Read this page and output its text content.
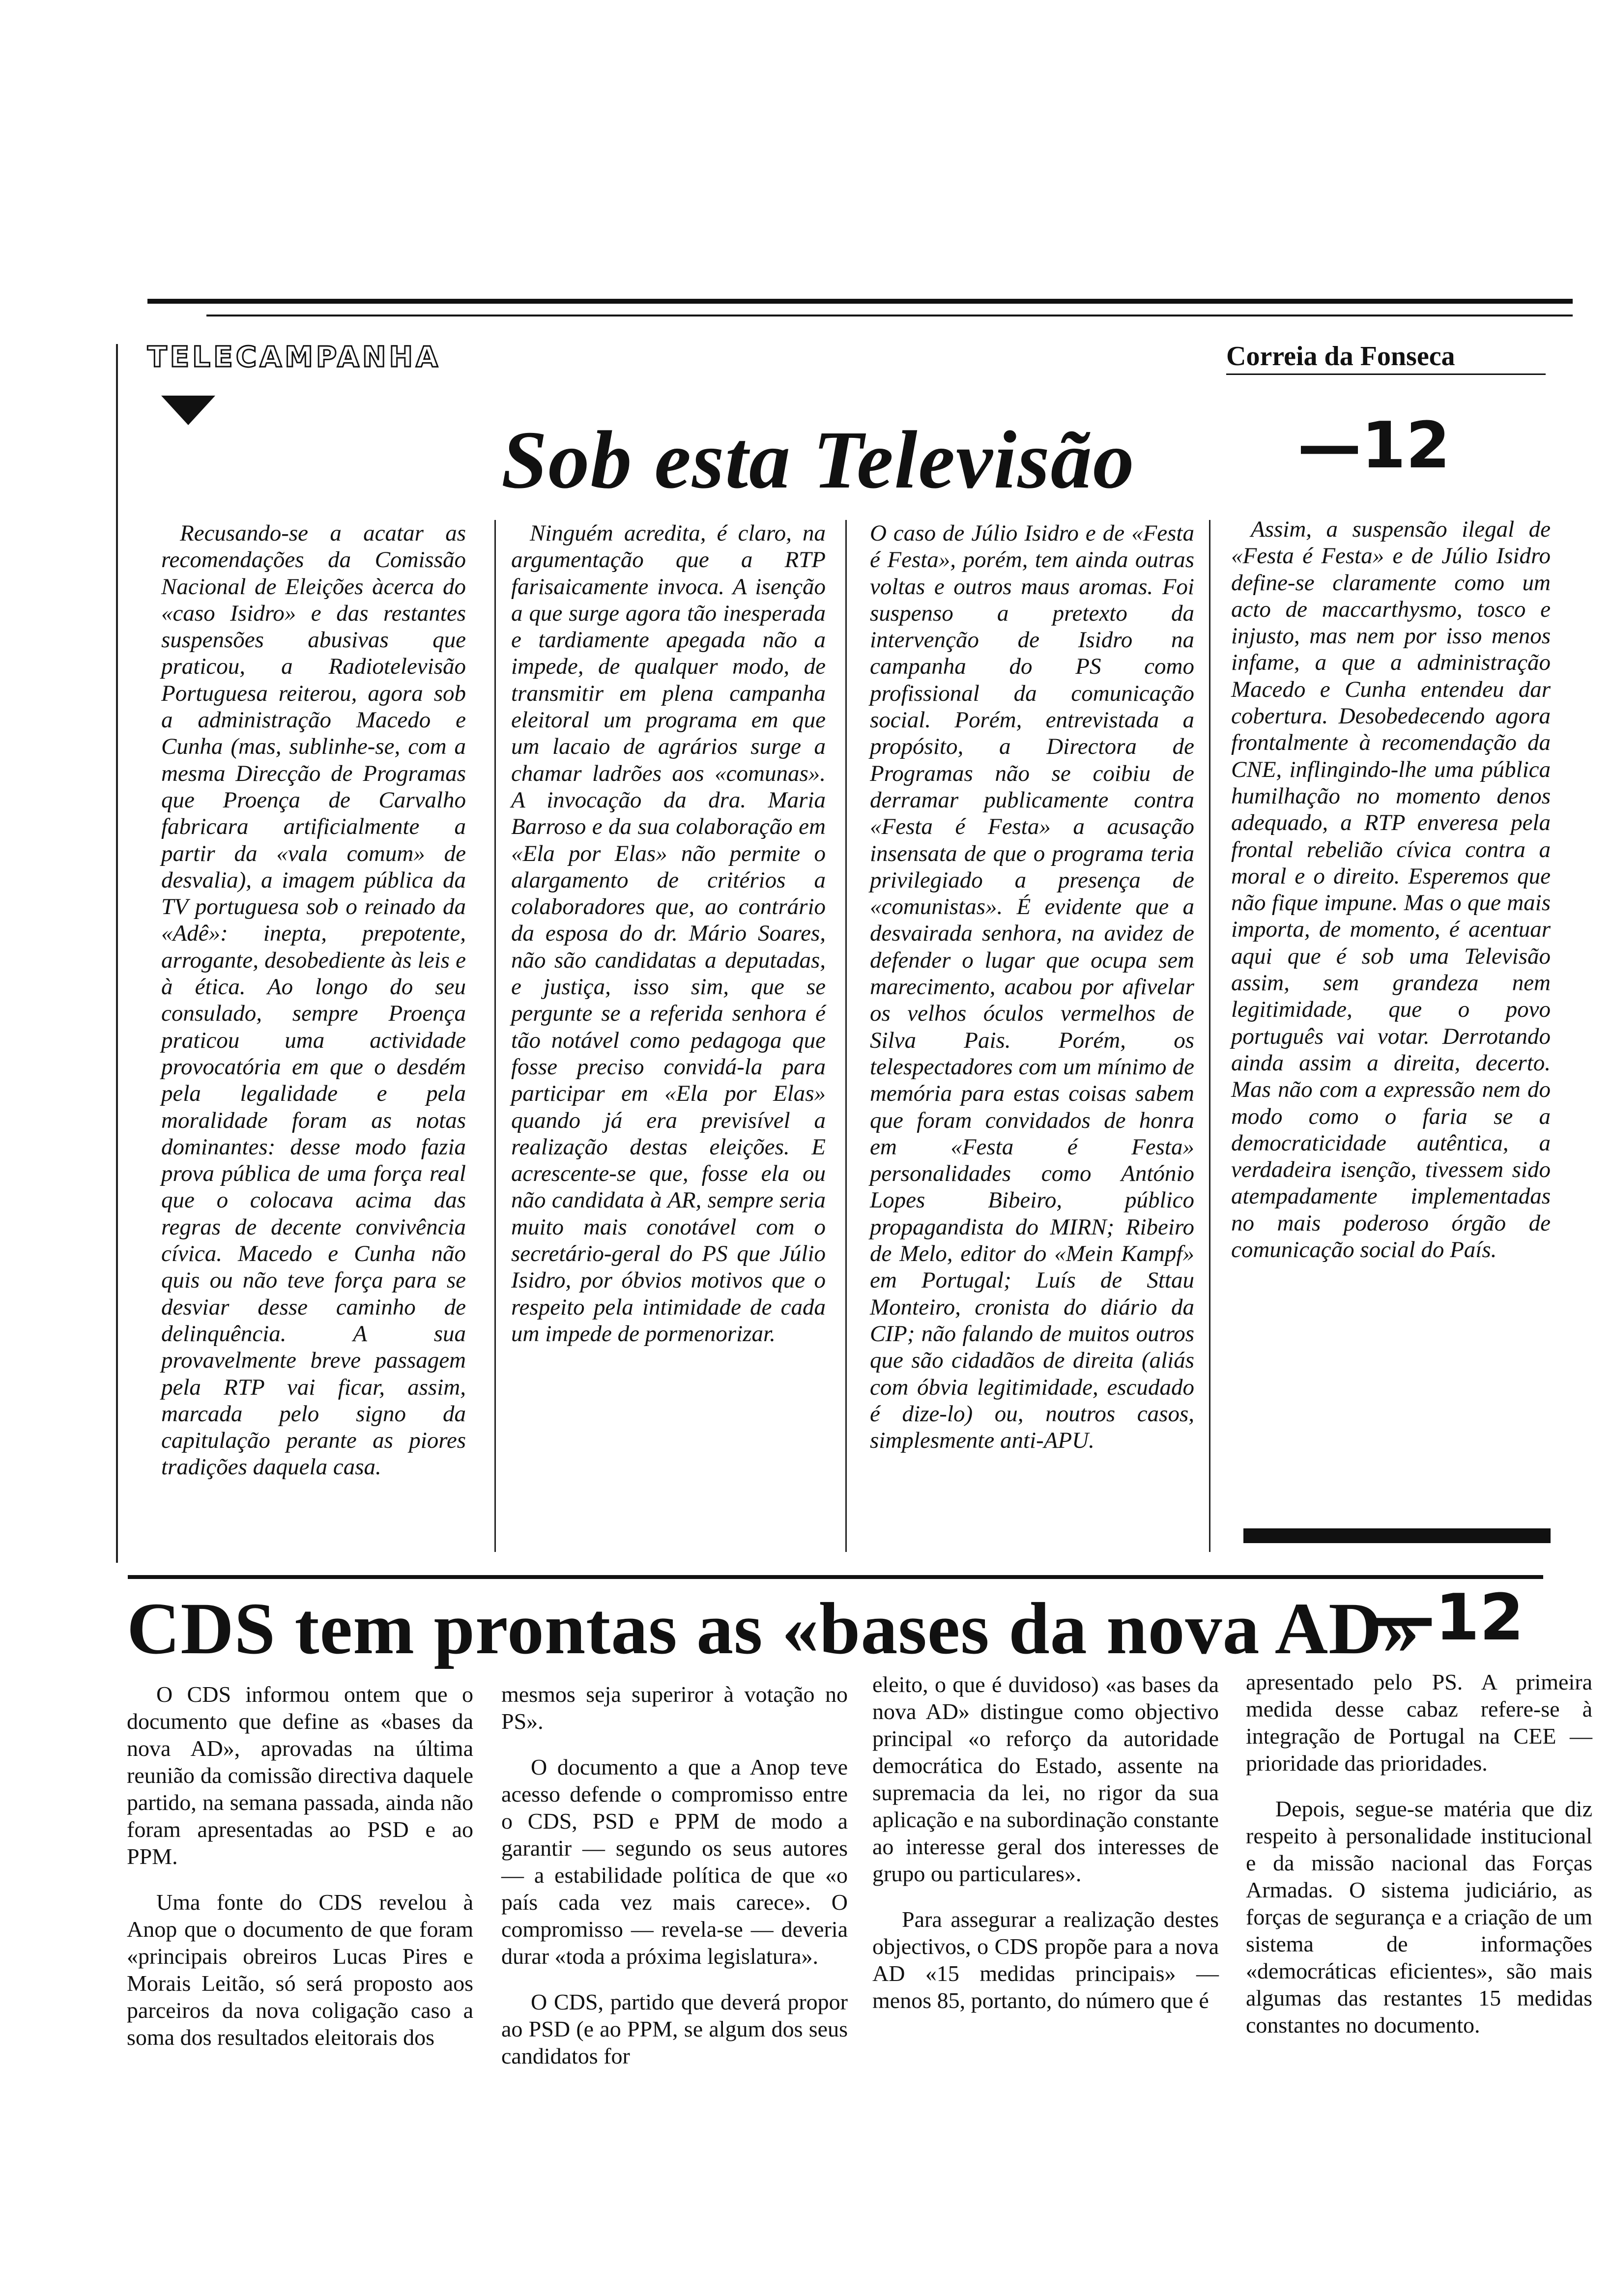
TELECAMPANHA	Correia da Fonseca
Sob esta Televisão	—12

Recusando-se a acatar as recomendações da Comissão Nacional de Eleições àcerca do «caso Isidro» e das restantes suspensões abusivas que praticou, a Radiotelevisão Portuguesa reiterou, agora sob a administração Macedo e Cunha (mas, sublinhe-se, com a mesma Direcção de Programas que Proença de Carvalho fabricara artificialmente a partir da «vala comum» de desvalia), a imagem pública da TV portuguesa sob o reinado da «Adê»: inepta, prepotente, arrogante, desobediente às leis e à ética. Ao longo do seu consulado, sempre Proença praticou uma actividade provocatória em que o desdém pela legalidade e pela moralidade foram as notas dominantes: desse modo fazia prova pública de uma força real que o colocava acima das regras de decente convivência cívica. Macedo e Cunha não quis ou não teve força para se desviar desse caminho de delinquência. A sua provavelmente breve passagem pela RTP vai ficar, assim, marcada pelo signo da capitulação perante as piores tradições daquela casa.

Ninguém acredita, é claro, na argumentação que a RTP farisaicamente invoca. A isenção a que surge agora tão inesperada e tardiamente apegada não a impede, de qualquer modo, de transmitir em plena campanha eleitoral um programa em que um lacaio de agrários surge a chamar ladrões aos «comunas». A invocação da dra. Maria Barroso e da sua colaboração em «Ela por Elas» não permite o alargamento de critérios a colaboradores que, ao contrário da esposa do dr. Mário Soares, não são candidatas a deputadas, e justiça, isso sim, que se pergunte se a referida senhora é tão notável como pedagoga que fosse preciso convidá-la para participar em «Ela por Elas» quando já era previsível a realização destas eleições. E acrescente-se que, fosse ela ou não candidata à AR, sempre seria muito mais conotável com o secretário-geral do PS que Júlio Isidro, por óbvios motivos que o respeito pela intimidade de cada um impede de pormenorizar.

O caso de Júlio Isidro e de «Festa é Festa», porém, tem ainda outras voltas e outros maus aromas. Foi suspenso a pretexto da intervenção de Isidro na campanha do PS como profissional da comunicação social. Porém, entrevistada a propósito, a Directora de Programas não se coibiu de derramar publicamente contra «Festa é Festa» a acusação insensata de que o programa teria privilegiado a presença de «comunistas». É evidente que a desvairada senhora, na avidez de defender o lugar que ocupa sem marecimento, acabou por afivelar os velhos óculos vermelhos de Silva Pais. Porém, os telespectadores com um mínimo de memória para estas coisas sabem que foram convidados de honra em «Festa é Festa» personalidades como António Lopes Bibeiro, público propagandista do MIRN; Ribeiro de Melo, editor do «Mein Kampf» em Portugal; Luís de Sttau Monteiro, cronista do diário da CIP; não falando de muitos outros que são cidadãos de direita (aliás com óbvia legitimidade, escudado é dize-lo) ou, noutros casos, simplesmente anti-APU.

Assim, a suspensão ilegal de «Festa é Festa» e de Júlio Isidro define-se claramente como um acto de maccarthysmo, tosco e injusto, mas nem por isso menos infame, a que a administração Macedo e Cunha entendeu dar cobertura. Desobedecendo agora frontalmente à recomendação da CNE, inflingindo-lhe uma pública humilhação no momento denos adequado, a RTP enveresa pela frontal rebelião cívica contra a moral e o direito. Esperemos que não fique impune. Mas o que mais importa, de momento, é acentuar aqui que é sob uma Televisão assim, sem grandeza nem legitimidade, que o povo português vai votar. Derrotando ainda assim a direita, decerto. Mas não com a expressão nem do modo como o faria se a democraticidade autêntica, a verdadeira isenção, tivessem sido atempadamente implementadas no mais poderoso órgão de comunicação social do País.

CDS tem prontas as «bases da nova AD»
—12

O CDS informou ontem que o documento que define as «bases da nova AD», aprovadas na última reunião da comissão directiva daquele partido, na semana passada, ainda não foram apresentadas ao PSD e ao PPM.

Uma fonte do CDS revelou à Anop que o documento de que foram «principais obreiros Lucas Pires e Morais Leitão, só será proposto aos parceiros da nova coligação caso a soma dos resultados eleitorais dos

mesmos seja superiror à votação no PS».

O documento a que a Anop teve acesso defende o compromisso entre o CDS, PSD e PPM de modo a garantir — segundo os seus autores — a estabilidade política de que «o país cada vez mais carece». O compromisso — revela-se — deveria durar «toda a próxima legislatura».

O CDS, partido que deverá propor ao PSD (e ao PPM, se algum dos seus candidatos for

eleito, o que é duvidoso) «as bases da nova AD» distingue como objectivo principal «o reforço da autoridade democrática do Estado, assente na supremacia da lei, no rigor da sua aplicação e na subordinação constante ao interesse geral dos interesses de grupo ou particulares».

Para assegurar a realização destes objectivos, o CDS propõe para a nova AD «15 medidas principais» — menos 85, portanto, do número que é

apresentado pelo PS. A primeira medida desse cabaz refere-se à integração de Portugal na CEE — prioridade das prioridades.

Depois, segue-se matéria que diz respeito à personalidade institucional e da missão nacional das Forças Armadas. O sistema judiciário, as forças de segurança e a criação de um sistema de informações «democráticas eficientes», são mais algumas das restantes 15 medidas constantes no documento.
